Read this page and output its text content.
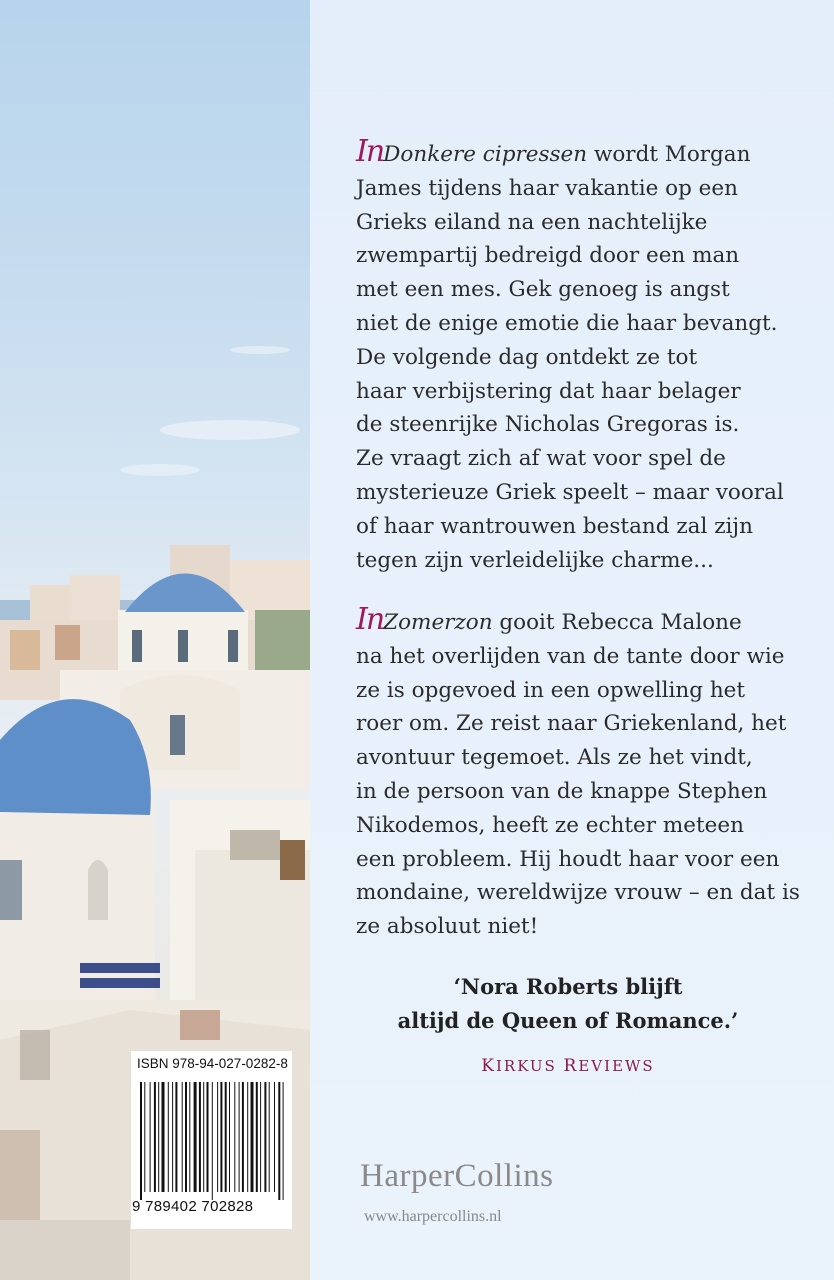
InDonkere cipressen wordt Morgan
James tijdens haar vakantie op een
Grieks eiland na een nachtelijke
zwempartij bedreigd door een man
met een mes. Gek genoeg is angst
niet de enige emotie die haar bevangt.
De volgende dag ontdekt ze tot
haar verbijstering dat haar belager
de steenrijke Nicholas Gregoras is.
Ze vraagt zich af wat voor spel de
mysterieuze Griek speelt – maar vooral
of haar wantrouwen bestand zal zijn
tegen zijn verleidelijke charme...

InZomerzon gooit Rebecca Malone
na het overlijden van de tante door wie
ze is opgevoed in een opwelling het
roer om. Ze reist naar Griekenland, het
avontuur tegemoet. Als ze het vindt,
in de persoon van de knappe Stephen
Nikodemos, heeft ze echter meteen
een probleem. Hij houdt haar voor een
mondaine, wereldwijze vrouw – en dat is
ze absoluut niet!

‘Nora Roberts blijft
altijd de Queen of Romance.’

KIRKUS REVIEWS
HarperCollins
www.harpercollins.nl
ISBN 978-94-027-0282-8
9 789402 702828
